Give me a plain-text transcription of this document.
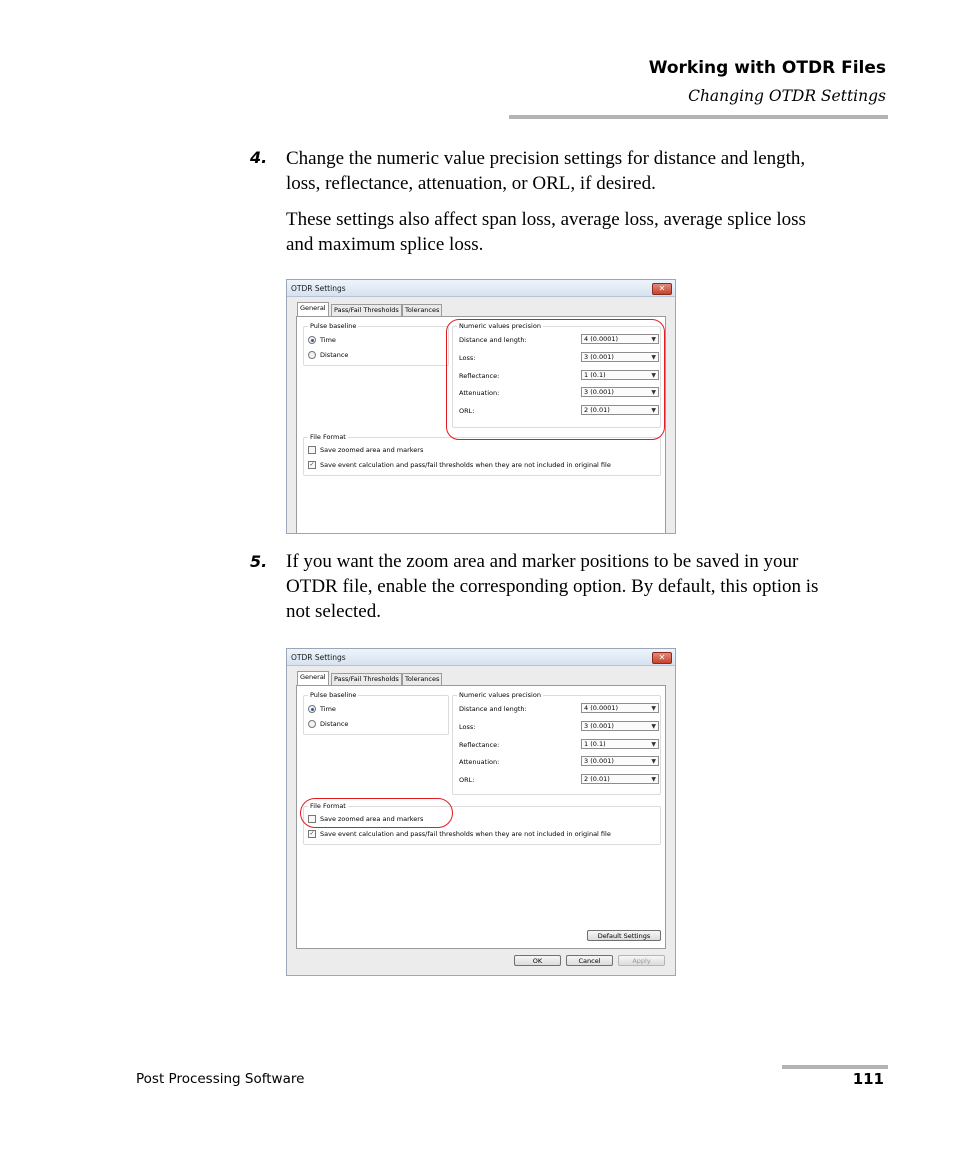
Working with OTDR Files
Changing OTDR Settings
4. Change the numeric value precision settings for distance and length,
loss, reflectance, attenuation, or ORL, if desired.
These settings also affect span loss, average loss, average splice loss
and maximum splice loss.
OTDR Settings	✕
General	Pass/Fail Thresholds Tolerances
Pulse baseline
Time
Distance
Numeric values precision
Distance and length:	4 (0.0001)	▼
Loss:	3 (0.001)	▼
Reflectance:	1 (0.1)	▼
Attenuation:	3 (0.001)	▼
ORL:	2 (0.01)	▼
File Format
Save zoomed area and markers
✓ Save event calculation and pass/fail thresholds when they are not included in original file
5. If you want the zoom area and marker positions to be saved in your
OTDR file, enable the corresponding option. By default, this option is
not selected.
OTDR Settings	✕
General	Pass/Fail Thresholds Tolerances
Pulse baseline
Time
Distance
Numeric values precision
Distance and length:	4 (0.0001)	▼
Loss:	3 (0.001)	▼
Reflectance:	1 (0.1)	▼
Attenuation:	3 (0.001)	▼
ORL:	2 (0.01)	▼
File Format
Save zoomed area and markers
✓ Save event calculation and pass/fail thresholds when they are not included in original file
Default Settings
OK	Cancel	Apply
Post Processing Software	111
